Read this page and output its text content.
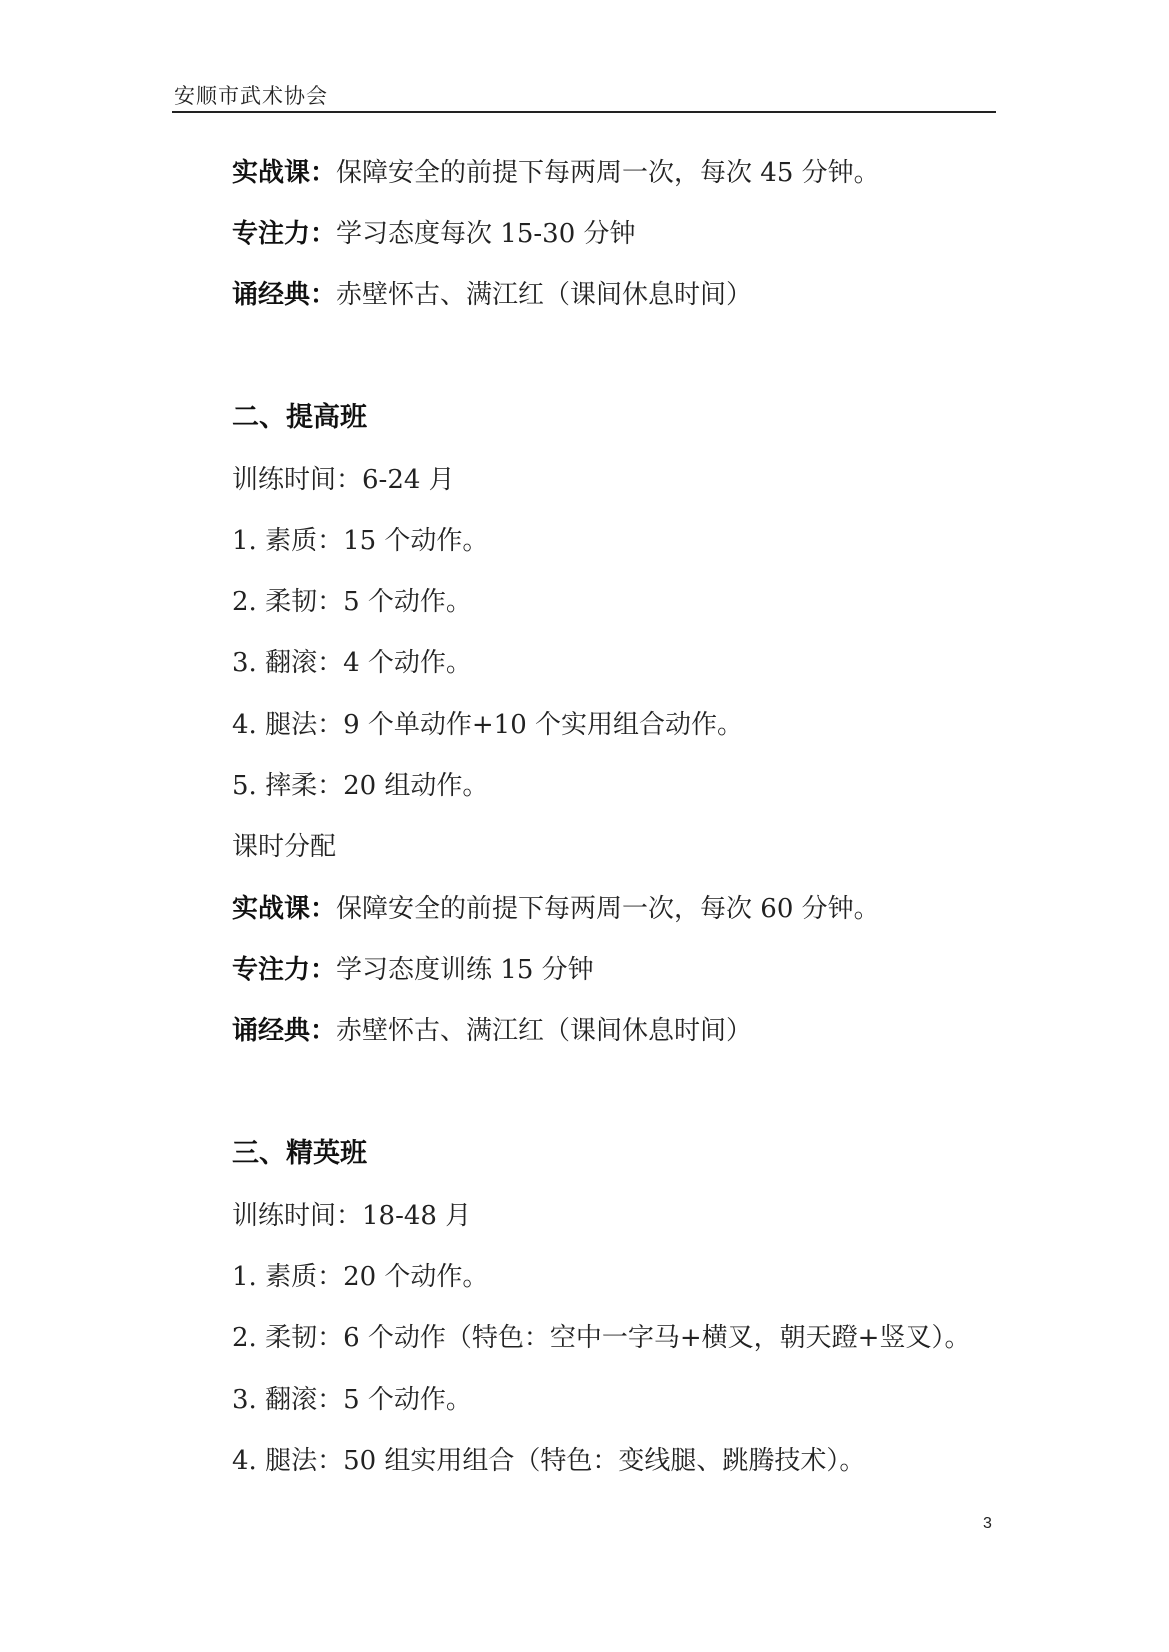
安顺市武术协会
实战课：保障安全的前提下每两周一次，每次 45 分钟。
专注力：学习态度每次 15-30 分钟
诵经典：赤壁怀古、满江红（课间休息时间）
二、提高班
训练时间：6-24 月
1. 素质：15 个动作。
2. 柔韧：5 个动作。
3. 翻滚：4 个动作。
4. 腿法：9 个单动作+10 个实用组合动作。
5. 摔柔：20 组动作。
课时分配
实战课：保障安全的前提下每两周一次，每次 60 分钟。
专注力：学习态度训练 15 分钟
诵经典：赤壁怀古、满江红（课间休息时间）
三、精英班
训练时间：18-48 月
1. 素质：20 个动作。
2. 柔韧：6 个动作（特色：空中一字马+横叉，朝天蹬+竖叉）。
3. 翻滚：5 个动作。
4. 腿法：50 组实用组合（特色：变线腿、跳腾技术）。
3
